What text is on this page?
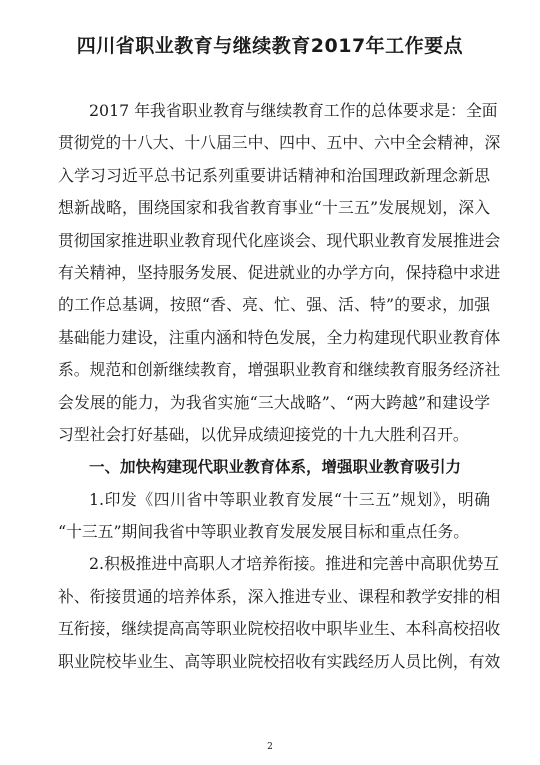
四川省职业教育与继续教育2017年工作要点
2017 年我省职业教育与继续教育工作的总体要求是：全面
贯彻党的十八大、十八届三中、四中、五中、六中全会精神，深
入学习习近平总书记系列重要讲话精神和治国理政新理念新思
想新战略，围绕国家和我省教育事业“十三五”发展规划，深入
贯彻国家推进职业教育现代化座谈会、现代职业教育发展推进会
有关精神，坚持服务发展、促进就业的办学方向，保持稳中求进
的工作总基调，按照“香、亮、忙、强、活、特”的要求，加强
基础能力建设，注重内涵和特色发展，全力构建现代职业教育体
系。规范和创新继续教育，增强职业教育和继续教育服务经济社
会发展的能力，为我省实施“三大战略”、“两大跨越”和建设学
习型社会打好基础，以优异成绩迎接党的十九大胜利召开。
一、加快构建现代职业教育体系，增强职业教育吸引力
1.印发《四川省中等职业教育发展“十三五”规划》，明确
“十三五”期间我省中等职业教育发展发展目标和重点任务。
2.积极推进中高职人才培养衔接。推进和完善中高职优势互
补、衔接贯通的培养体系，深入推进专业、课程和教学安排的相
互衔接，继续提高高等职业院校招收中职毕业生、本科高校招收
职业院校毕业生、高等职业院校招收有实践经历人员比例，有效
2
